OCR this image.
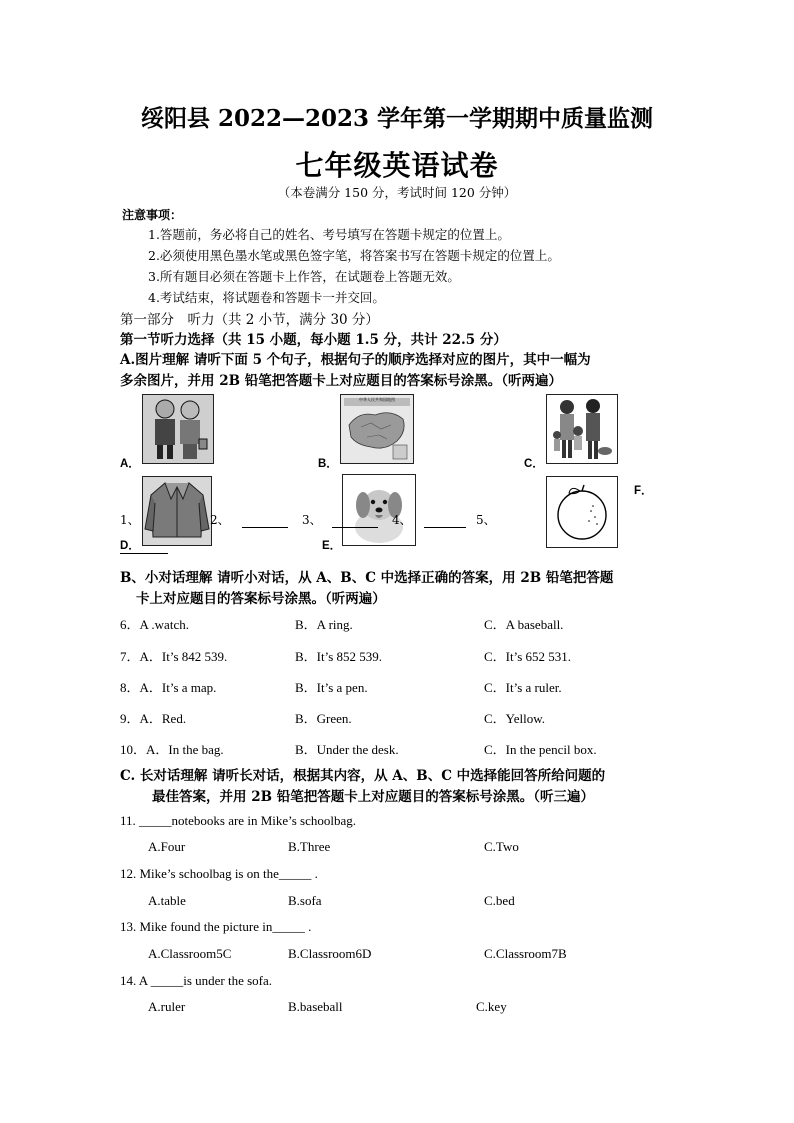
绥阳县 2022—2023 学年第一学期期中质量监测
七年级英语试卷
（本卷满分 150 分，考试时间 120 分钟）
注意事项：
1.答题前，务必将自己的姓名、考号填写在答题卡规定的位置上。
2.必须使用黑色墨水笔或黑色签字笔，将答案书写在答题卡规定的位置上。
3.所有题目必须在答题卡上作答，在试题卷上答题无效。
4.考试结束，将试题卷和答题卡一并交回。
第一部分　听力（共 2 小节，满分 30 分）
第一节听力选择（共 15 小题，每小题 1.5 分，共计 22.5 分）
A.图片理解 请听下面 5 个句子，根据句子的顺序选择对应的图片，其中一幅为
多余图片，并用 2B 铅笔把答题卡上对应题目的答案标号涂黑。（听两遍）
A．
中华人民共和国地图
B．	C．
D．	E．
F．
1、	2、	3、	4、	5、
B、小对话理解 请听小对话，从 A、B、C 中选择正确的答案，用 2B 铅笔把答题
卡上对应题目的答案标号涂黑。（听两遍）
6．A .watch.	B．A ring.	C．A baseball.
7．A．It’s 842 539.	B．It’s 852 539.	C．It’s 652 531.
8．A．It’s a map.	B．It’s a pen.	C．It’s a ruler.
9．A．Red.	B．Green.	C．Yellow.
10．A．In the bag.	B．Under the desk.	C．In the pencil box.
C. 长对话理解 请听长对话，根据其内容，从 A、B、C 中选择能回答所给问题的
最佳答案，并用 2B 铅笔把答题卡上对应题目的答案标号涂黑。（听三遍）
11. _____notebooks are in Mike’s schoolbag.
A.Four	B.Three	C.Two
12. Mike’s schoolbag is on the_____ .
A.table	B.sofa	C.bed
13. Mike found the picture in_____ .
A.Classroom5C	B.Classroom6D	C.Classroom7B
14. A _____is under the sofa.
A.ruler	B.baseball	C.key
